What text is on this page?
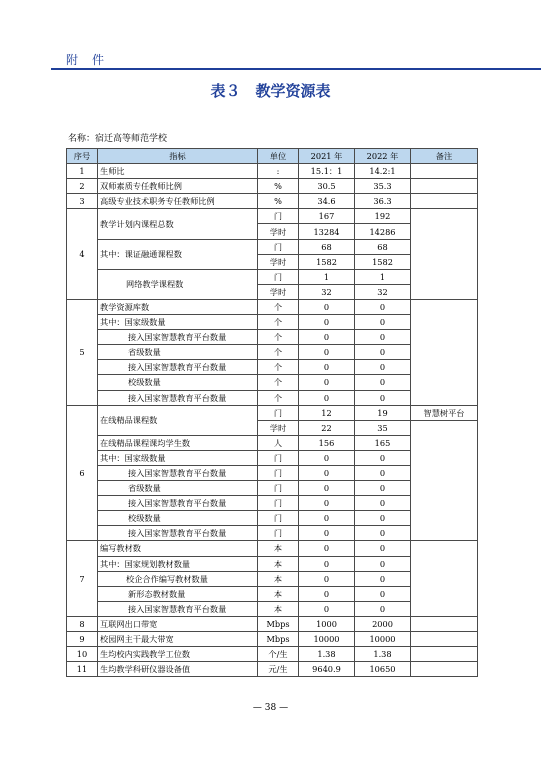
附　件
表３　教学资源表
名称：宿迁高等师范学校
序号	指标	单位	2021 年	2022 年	备注
1	生师比	:	15.1：1	14.2:1	
2	双师素质专任教师比例	%	30.5	35.3	
3	高级专业技术职务专任教师比例	%	34.6	36.3	
4	教学计划内课程总数	门	167	192	
		学时	13284	14286	
	其中：课证融通课程数	门	68	68	
		学时	1582	1582	
	网络教学课程数	门	1	1	
		学时	32	32	
5	教学资源库数	个	0	0	
	其中：国家级数量	个	0	0	
	接入国家智慧教育平台数量	个	0	0	
	省级数量	个	0	0	
	接入国家智慧教育平台数量	个	0	0	
	校级数量	个	0	0	
	接入国家智慧教育平台数量	个	0	0	
6	在线精品课程数	门	12	19	智慧树平台
		学时	22	35	
	在线精品课程课均学生数	人	156	165	
	其中：国家级数量	门	0	0	
	接入国家智慧教育平台数量	门	0	0	
	省级数量	门	0	0	
	接入国家智慧教育平台数量	门	0	0	
	校级数量	门	0	0	
	接入国家智慧教育平台数量	门	0	0	
7	编写教材数	本	0	0	
	其中：国家规划教材数量	本	0	0	
	校企合作编写教材数量	本	0	0	
	新形态教材数量	本	0	0	
	接入国家智慧教育平台数量	本	0	0	
8	互联网出口带宽	Mbps	1000	2000	
9	校园网主干最大带宽	Mbps	10000	10000	
10	生均校内实践教学工位数	个/生	1.38	1.38	
11	生均教学科研仪器设备值	元/生	9640.9	10650	
— 38 —
